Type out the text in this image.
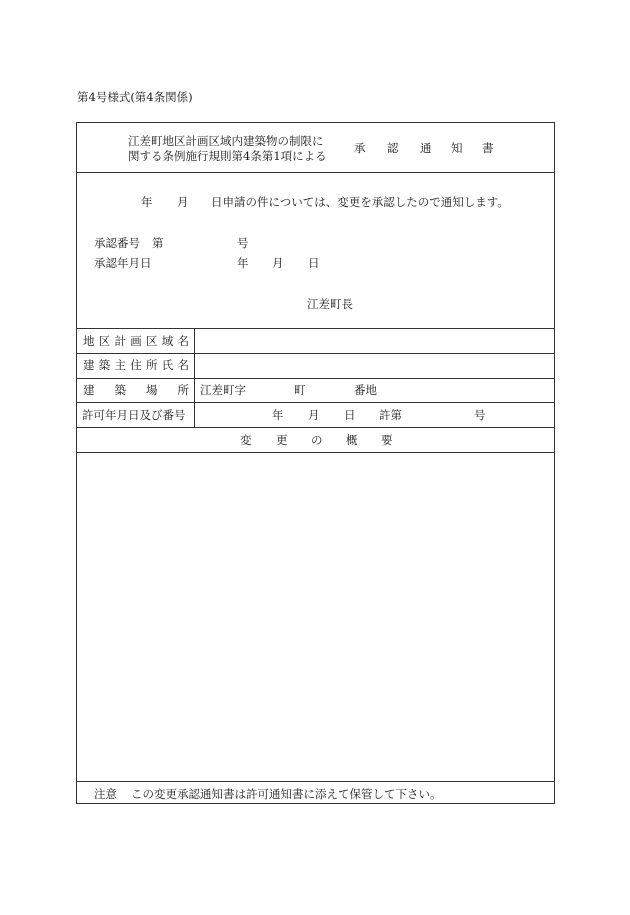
第4号様式(第4条関係)
江差町地区計画区域内建築物の制限に
関する条例施行規則第4条第1項による
承 認 通 知 書
年 月 日申請の件については、変更を承認したので通知します。
承認番号 第	号
承認年月日	年 月 日
江差町長
地区計画区域名
建築主住所氏名
建築場所 江差町字	町	番地
許可年月日及び番号	年 月 日 許第	号
変 更 の 概 要
注意 この変更承認通知書は許可通知書に添えて保管して下さい。
